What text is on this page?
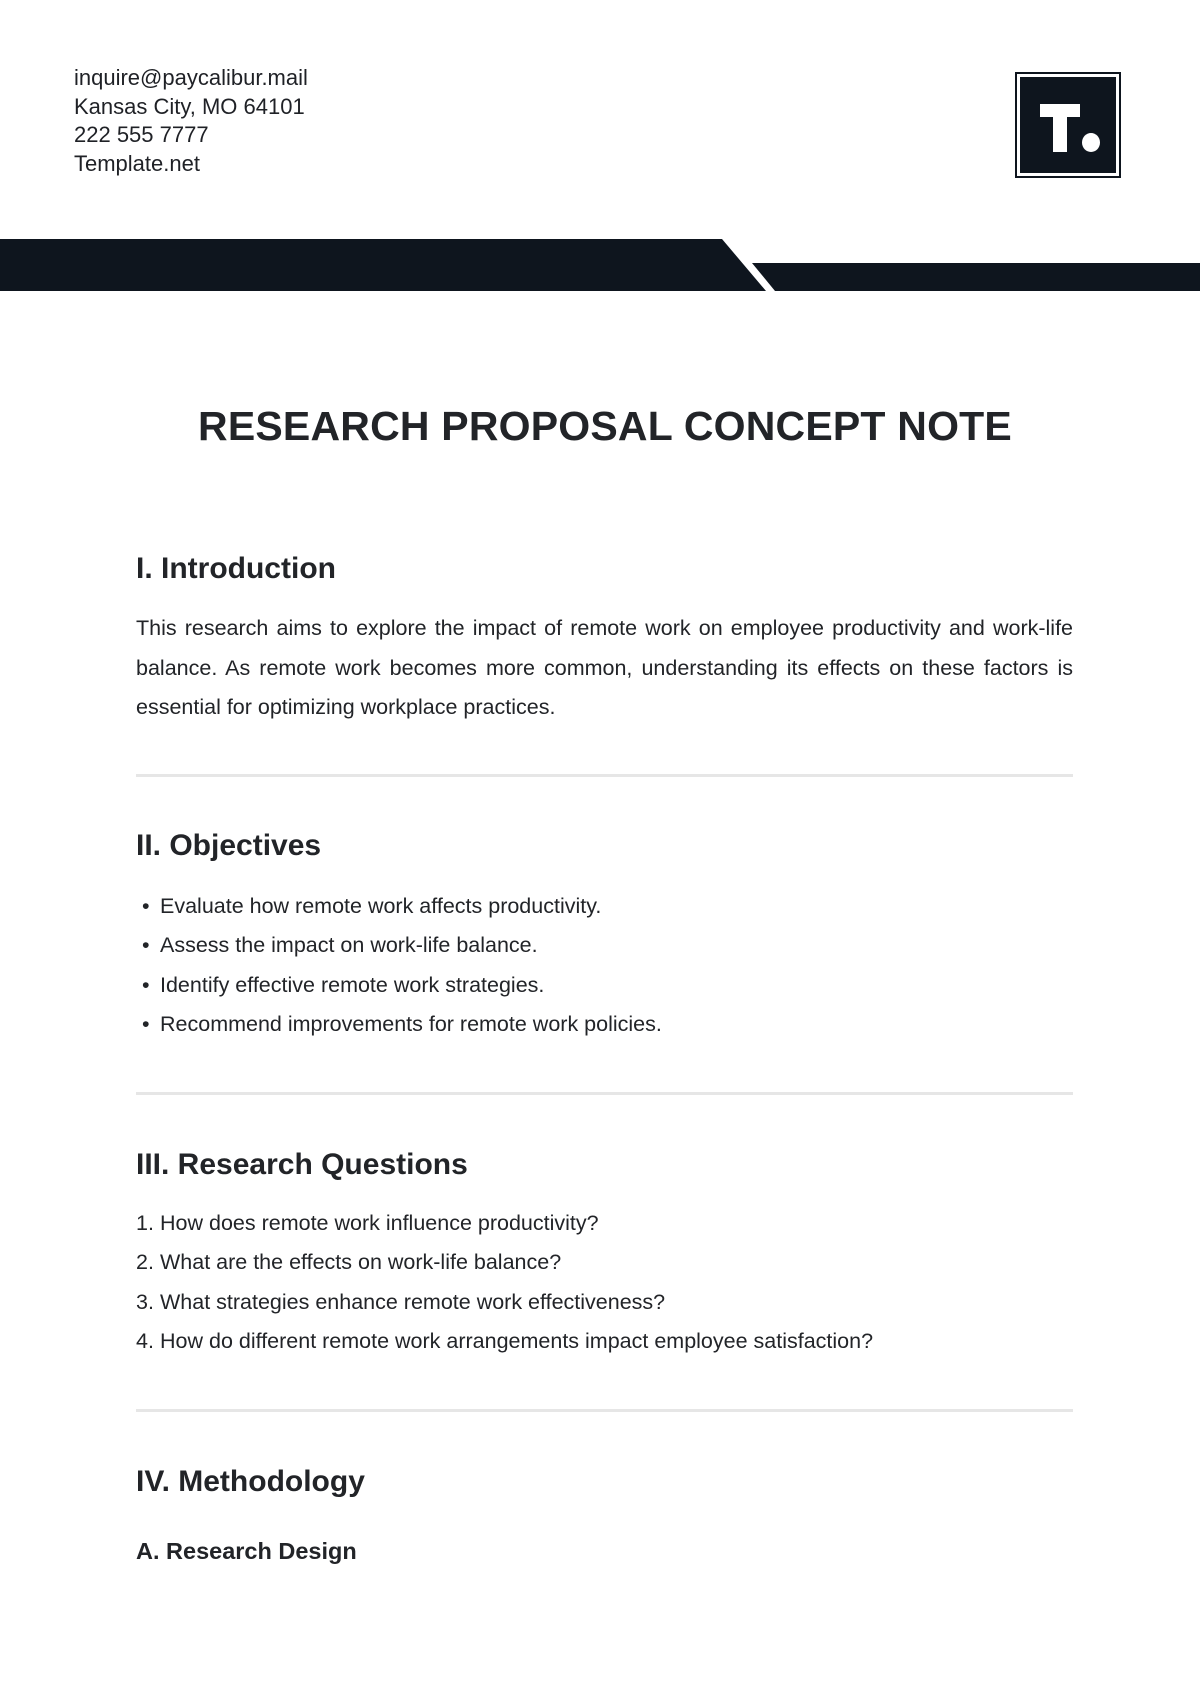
inquire@paycalibur.mail
Kansas City, MO 64101
222 555 7777
Template.net
RESEARCH PROPOSAL CONCEPT NOTE
I. Introduction
This research aims to explore the impact of remote work on employee productivity and work-life balance. As remote work becomes more common, understanding its effects on these factors is essential for optimizing workplace practices.
II. Objectives
• Evaluate how remote work affects productivity.
• Assess the impact on work-life balance.
• Identify effective remote work strategies.
• Recommend improvements for remote work policies.
III. Research Questions
1. How does remote work influence productivity?
2. What are the effects on work-life balance?
3. What strategies enhance remote work effectiveness?
4. How do different remote work arrangements impact employee satisfaction?
IV. Methodology
A. Research Design
